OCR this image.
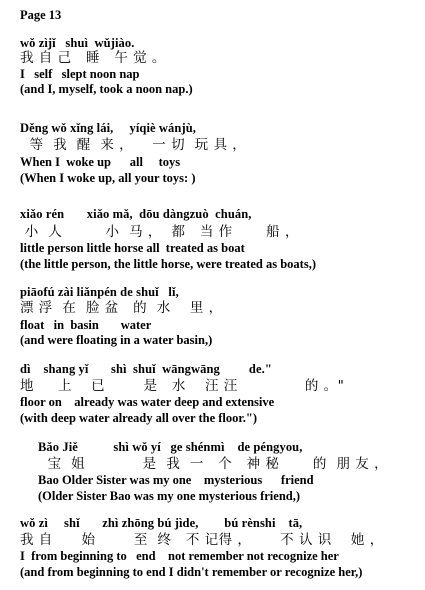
Page 13
wǒ zìjǐ   shuì  wǔjiào.
我 自 己   睡   午 觉 。
I   self   slept noon nap
(and I, myself, took a noon nap.)
Děng wǒ xǐng lái,     yíqiè wánjù,
等  我  醒  来 ，    一 切  玩 具 ，
When I  woke up      all     toys
(When I woke up, all your toys: )
xiǎo rén       xiǎo mǎ,  dōu dàngzuò  chuán,
小  人         小  马 ，  都   当 作       船 ，
little person little horse all  treated as boat
(the little person, the little horse, were treated as boats,)
piāofú zài liǎnpén de shuǐ   lǐ,
漂 浮  在  脸 盆   的  水    里 ，
float   in  basin       water
(and were floating in a water basin,)
dì    shang yǐ       shì  shuǐ  wāngwāng         de."
地     上    已        是   水    汪 汪              的 。"
floor on    already was water deep and extensive
(with deep water already all over the floor.")
Bǎo Jiě           shì wǒ yí   ge shénmì    de péngyou,
宝  姐            是  我  一   个   神 秘       的  朋 友 ，
Bao Older Sister was my one    mysterious      friend
(Older Sister Bao was my one mysterious friend,)
wǒ zì     shǐ       zhì zhōng bú jìde,        bú rènshi    tā,
我 自      始        至  终   不 记得 ，      不 认 识    她 ，
I  from beginning to   end    not remember not recognize her
(and from beginning to end I didn't remember or recognize her,)
